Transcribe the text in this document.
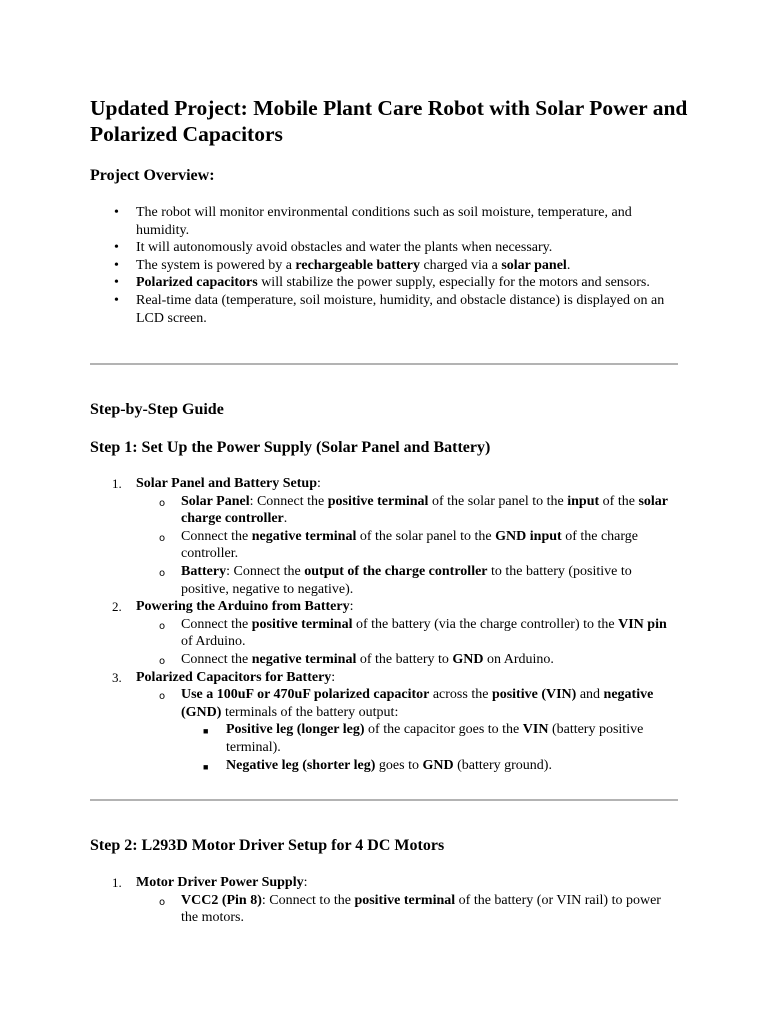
Updated Project: Mobile Plant Care Robot with Solar Power and Polarized Capacitors
Project Overview:
• The robot will monitor environmental conditions such as soil moisture, temperature, and humidity.
• It will autonomously avoid obstacles and water the plants when necessary.
• The system is powered by a rechargeable battery charged via a solar panel.
• Polarized capacitors will stabilize the power supply, especially for the motors and sensors.
• Real-time data (temperature, soil moisture, humidity, and obstacle distance) is displayed on an LCD screen.
Step-by-Step Guide
Step 1: Set Up the Power Supply (Solar Panel and Battery)
1. Solar Panel and Battery Setup:
o Solar Panel: Connect the positive terminal of the solar panel to the input of the solar charge controller.
o Connect the negative terminal of the solar panel to the GND input of the charge controller.
o Battery: Connect the output of the charge controller to the battery (positive to positive, negative to negative).
2. Powering the Arduino from Battery:
o Connect the positive terminal of the battery (via the charge controller) to the VIN pin of Arduino.
o Connect the negative terminal of the battery to GND on Arduino.
3. Polarized Capacitors for Battery:
o Use a 100uF or 470uF polarized capacitor across the positive (VIN) and negative (GND) terminals of the battery output:
■ Positive leg (longer leg) of the capacitor goes to the VIN (battery positive terminal).
■ Negative leg (shorter leg) goes to GND (battery ground).
Step 2: L293D Motor Driver Setup for 4 DC Motors
1. Motor Driver Power Supply:
o VCC2 (Pin 8): Connect to the positive terminal of the battery (or VIN rail) to power the motors.
